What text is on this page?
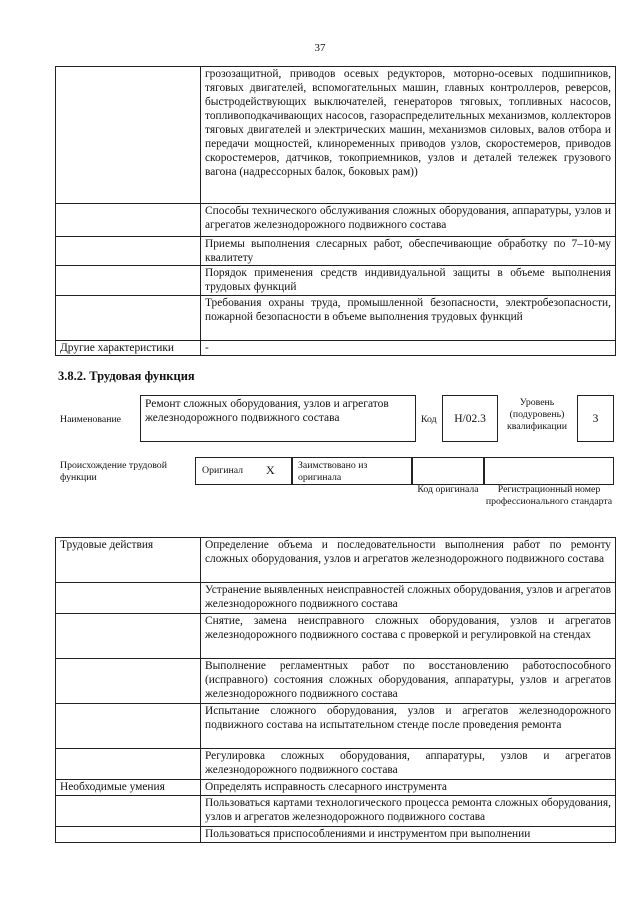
37
	грозозащитной, приводов осевых редукторов, моторно-осевых подшипников, тяговых двигателей, вспомогательных машин, главных контроллеров, реверсов, быстродействующих выключателей, генераторов тяговых, топливных насосов, топливоподкачивающих насосов, газораспределительных механизмов, коллекторов тяговых двигателей и электрических машин, механизмов силовых, валов отбора и передачи мощностей, клиноременных приводов узлов, скоростемеров, приводов скоростемеров, датчиков, токоприемников, узлов и деталей тележек грузового вагона (надрессорных балок, боковых рам))
	Способы технического обслуживания сложных оборудования, аппаратуры, узлов и агрегатов железнодорожного подвижного состава
	Приемы выполнения слесарных работ, обеспечивающие обработку по 7–10-му квалитету
	Порядок применения средств индивидуальной защиты в объеме выполнения трудовых функций
	Требования охраны труда, промышленной безопасности, электробезопасности, пожарной безопасности в объеме выполнения трудовых функций
Другие характеристики	-
3.8.2. Трудовая функция
Наименование
Ремонт сложных оборудования, узлов и агрегатов железнодорожного подвижного состава	Код	Н/02.3
Уровень (подуровень) квалификации
3
Происхождение трудовой функции
Оригинал Х	Заимствовано из оригинала
Код оригинала	Регистрационный номер профессионального стандарта
Трудовые действия	Определение объема и последовательности выполнения работ по ремонту сложных оборудования, узлов и агрегатов железнодорожного подвижного состава
	Устранение выявленных неисправностей сложных оборудования, узлов и агрегатов железнодорожного подвижного состава
	Снятие, замена неисправного сложных оборудования, узлов и агрегатов железнодорожного подвижного состава с проверкой и регулировкой на стендах
	Выполнение регламентных работ по восстановлению работоспособного (исправного) состояния сложных оборудования, аппаратуры, узлов и агрегатов железнодорожного подвижного состава
	Испытание сложного оборудования, узлов и агрегатов железнодорожного подвижного состава на испытательном стенде после проведения ремонта
	Регулировка сложных оборудования, аппаратуры, узлов и агрегатов железнодорожного подвижного состава
Необходимые умения	Определять исправность слесарного инструмента
	Пользоваться картами технологического процесса ремонта сложных оборудования, узлов и агрегатов железнодорожного подвижного состава
	Пользоваться приспособлениями и инструментом при выполнении
